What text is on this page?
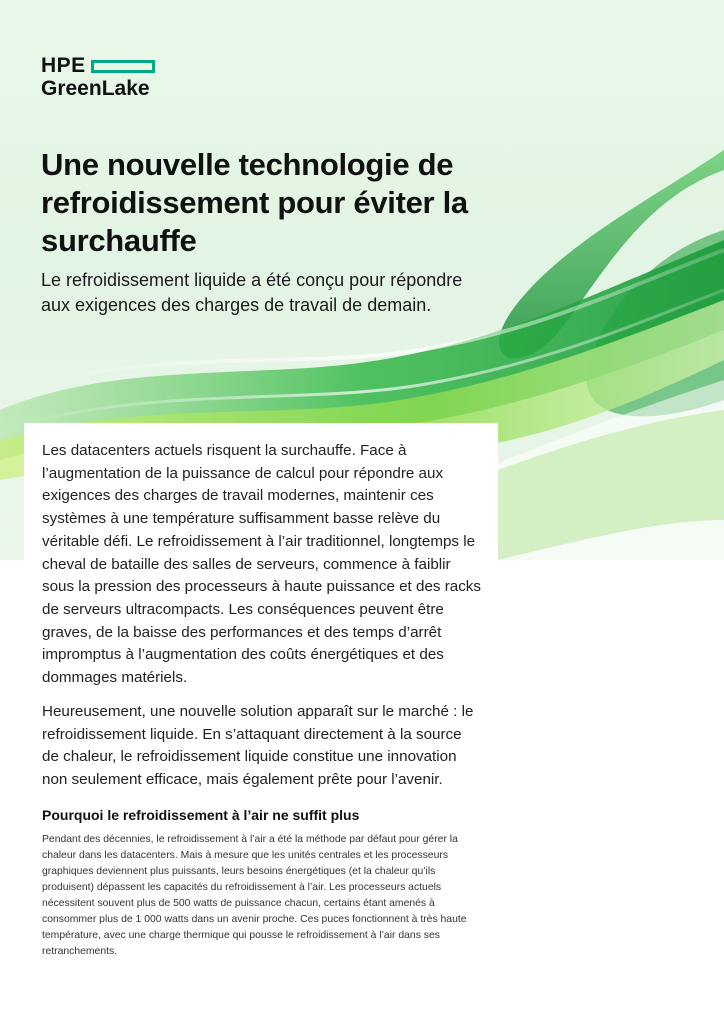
HPE
GreenLake
Une nouvelle technologie de refroidissement pour éviter la surchauffe

Le refroidissement liquide a été conçu pour répondre aux exigences des charges de travail de demain.

Les datacenters actuels risquent la surchauffe. Face à l’augmentation de la puissance de calcul pour répondre aux exigences des charges de travail modernes, maintenir ces systèmes à une température suffisamment basse relève du véritable défi. Le refroidissement à l’air traditionnel, longtemps le cheval de bataille des salles de serveurs, commence à faiblir sous la pression des processeurs à haute puissance et des racks de serveurs ultracompacts. Les conséquences peuvent être graves, de la baisse des performances et des temps d’arrêt impromptus à l’augmentation des coûts énergétiques et des dommages matériels.

Heureusement, une nouvelle solution apparaît sur le marché : le refroidissement liquide. En s’attaquant directement à la source de chaleur, le refroidissement liquide constitue une innovation non seulement efficace, mais également prête pour l’avenir.

Pourquoi le refroidissement à l’air ne suffit plus

Pendant des décennies, le refroidissement à l’air a été la méthode par défaut pour gérer la chaleur dans les datacenters. Mais à mesure que les unités centrales et les processeurs graphiques deviennent plus puissants, leurs besoins énergétiques (et la chaleur qu’ils produisent) dépassent les capacités du refroidissement à l’air. Les processeurs actuels nécessitent souvent plus de 500 watts de puissance chacun, certains étant amenés à consommer plus de 1 000 watts dans un avenir proche. Ces puces fonctionnent à très haute température, avec une charge thermique qui pousse le refroidissement à l’air dans ses retranchements.
